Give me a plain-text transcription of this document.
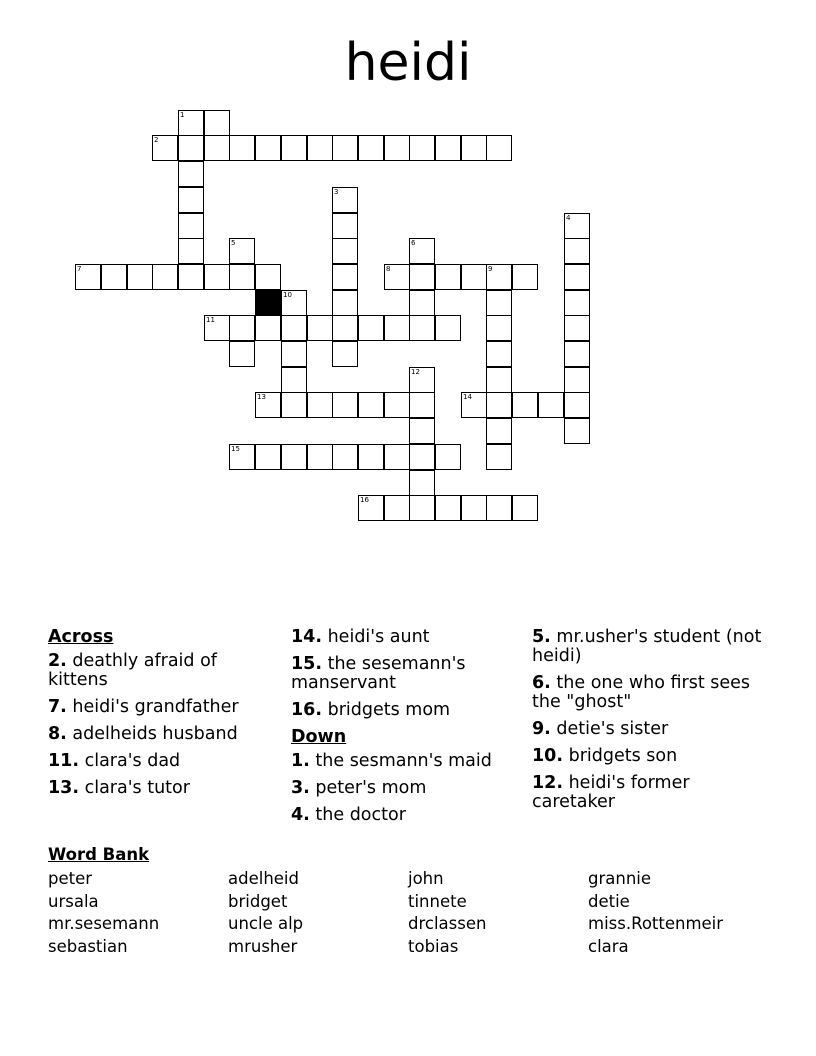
heidi
1
2
3
4
5	6
7	8	9
10
11
12
13	14
15
16
Across
2. deathly afraid of kittens
7. heidi's grandfather
8. adelheids husband
11. clara's dad
13. clara's tutor
14. heidi's aunt
15. the sesemann's manservant
16. bridgets mom
Down
1. the sesmann's maid
3. peter's mom
4. the doctor
5. mr.usher's student (not heidi)
6. the one who first sees the "ghost"
9. detie's sister
10. bridgets son
12. heidi's former caretaker
Word Bank
peter
ursala
mr.sesemann
sebastian
adelheid
bridget
uncle alp
mrusher
john
tinnete
drclassen
tobias
grannie
detie
miss.Rottenmeir
clara
